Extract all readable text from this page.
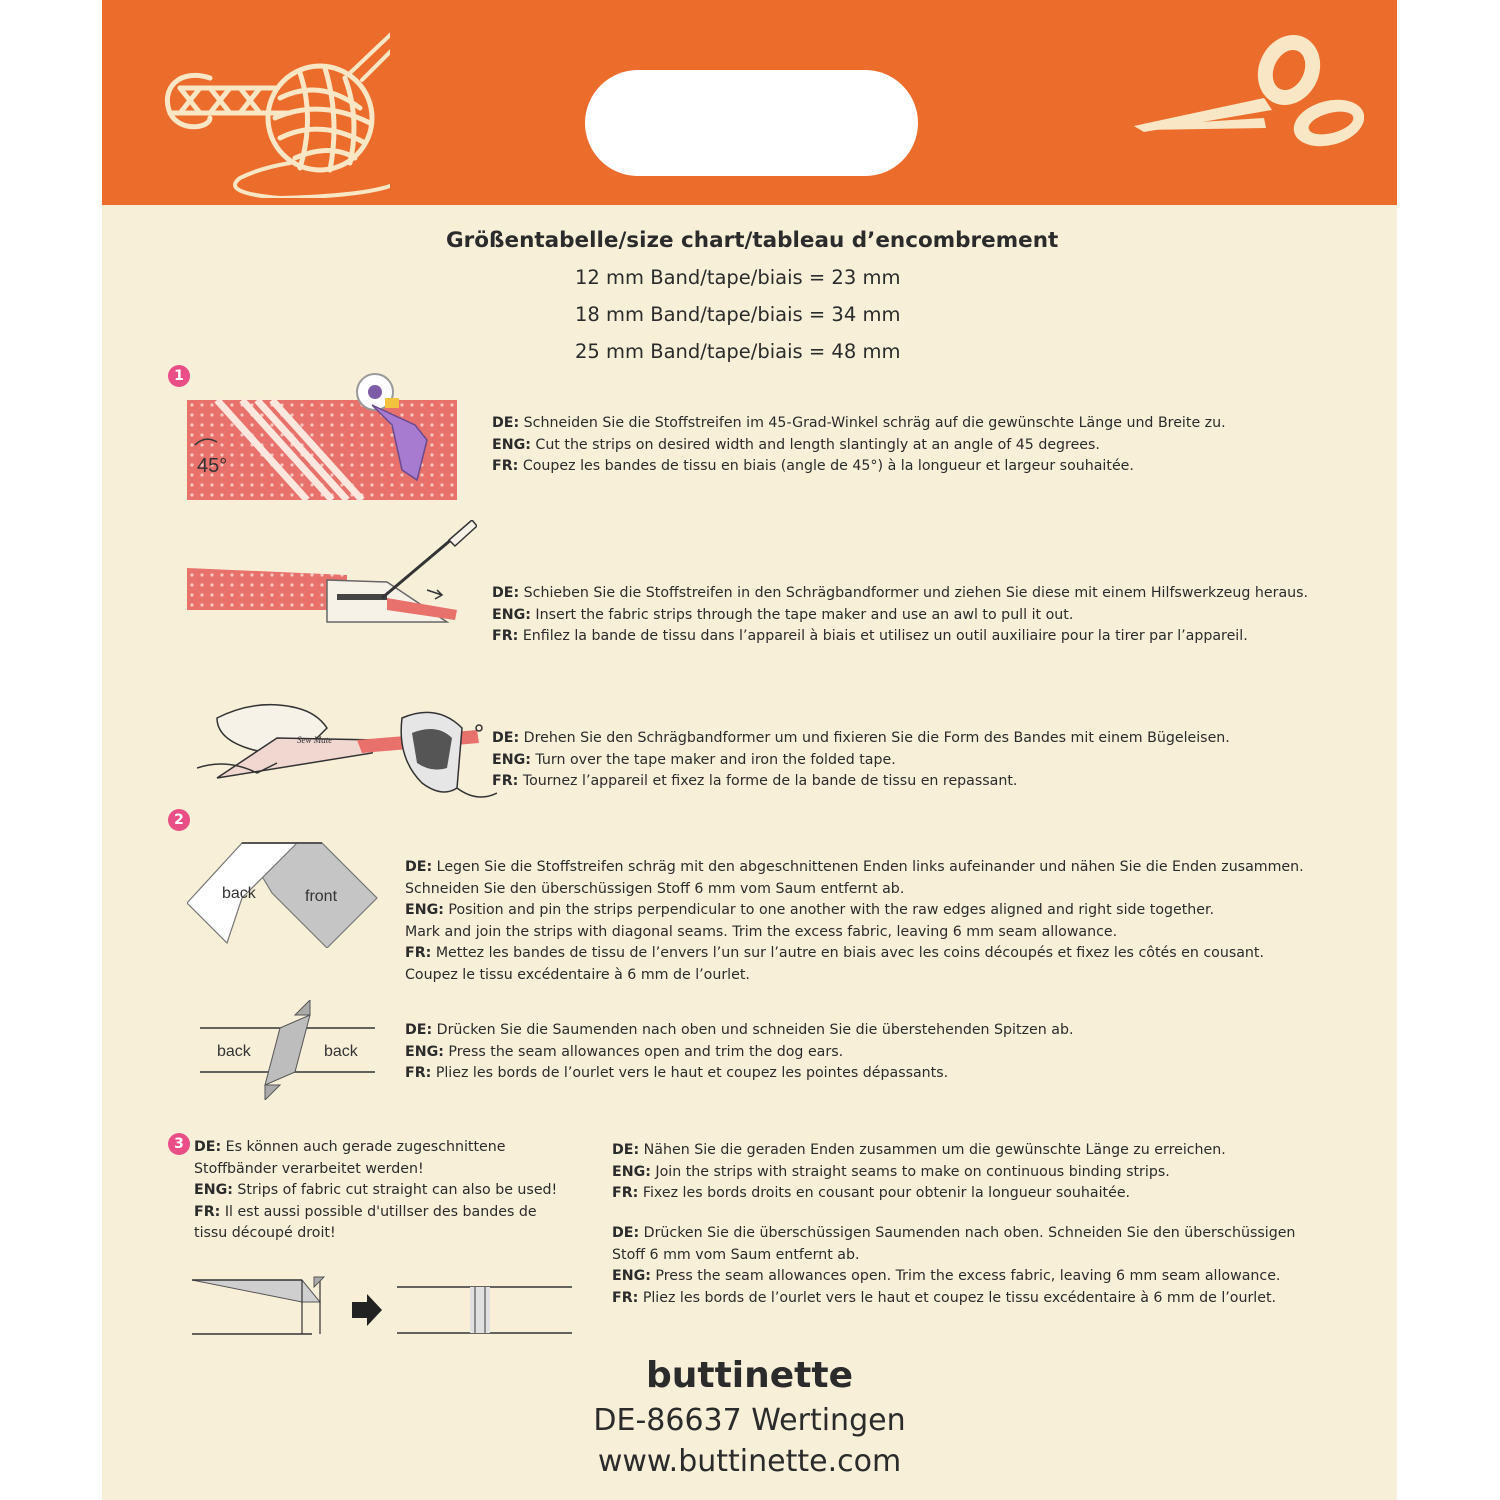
Größentabelle/size chart/tableau d’encombrement
12 mm Band/tape/biais = 23 mm
18 mm Band/tape/biais = 34 mm
25 mm Band/tape/biais = 48 mm
1
45°
DE: Schneiden Sie die Stoffstreifen im 45-Grad-Winkel schräg auf die gewünschte Länge und Breite zu.
ENG: Cut the strips on desired width and length slantingly at an angle of 45 degrees.
FR: Coupez les bandes de tissu en biais (angle de 45°) à la longueur et largeur souhaitée.
DE: Schieben Sie die Stoffstreifen in den Schrägbandformer und ziehen Sie diese mit einem Hilfswerkzeug heraus.
ENG: Insert the fabric strips through the tape maker and use an awl to pull it out.
FR: Enfilez la bande de tissu dans l’appareil à biais et utilisez un outil auxiliaire pour la tirer par l’appareil.
Sew Mate	DE: Drehen Sie den Schrägbandformer um und fixieren Sie die Form des Bandes mit einem Bügeleisen.
ENG: Turn over the tape maker and iron the folded tape.
FR: Tournez l’appareil et fixez la forme de la bande de tissu en repassant.
2
back	front
DE: Legen Sie die Stoffstreifen schräg mit den abgeschnittenen Enden links aufeinander und nähen Sie die Enden zusammen.
Schneiden Sie den überschüssigen Stoff 6 mm vom Saum entfernt ab.
ENG: Position and pin the strips perpendicular to one another with the raw edges aligned and right side together.
Mark and join the strips with diagonal seams. Trim the excess fabric, leaving 6 mm seam allowance.
FR: Mettez les bandes de tissu de l’envers l’un sur l’autre en biais avec les coins découpés et fixez les côtés en cousant.
Coupez le tissu excédentaire à 6 mm de l’ourlet.
back	back
DE: Drücken Sie die Saumenden nach oben und schneiden Sie die überstehenden Spitzen ab.
ENG: Press the seam allowances open and trim the dog ears.
FR: Pliez les bords de l’ourlet vers le haut et coupez les pointes dépassants.
3 DE: Es können auch gerade zugeschnittene
Stoffbänder verarbeitet werden!
ENG: Strips of fabric cut straight can also be used!
FR: Il est aussi possible d'utillser des bandes de
tissu découpé droit!
DE: Nähen Sie die geraden Enden zusammen um die gewünschte Länge zu erreichen.
ENG: Join the strips with straight seams to make on continuous binding strips.
FR: Fixez les bords droits en cousant pour obtenir la longueur souhaitée.
DE: Drücken Sie die überschüssigen Saumenden nach oben. Schneiden Sie den überschüssigen
Stoff 6 mm vom Saum entfernt ab.
ENG: Press the seam allowances open. Trim the excess fabric, leaving 6 mm seam allowance.
FR: Pliez les bords de l’ourlet vers le haut et coupez le tissu excédentaire à 6 mm de l’ourlet.
buttinette
DE-86637 Wertingen
www.buttinette.com
